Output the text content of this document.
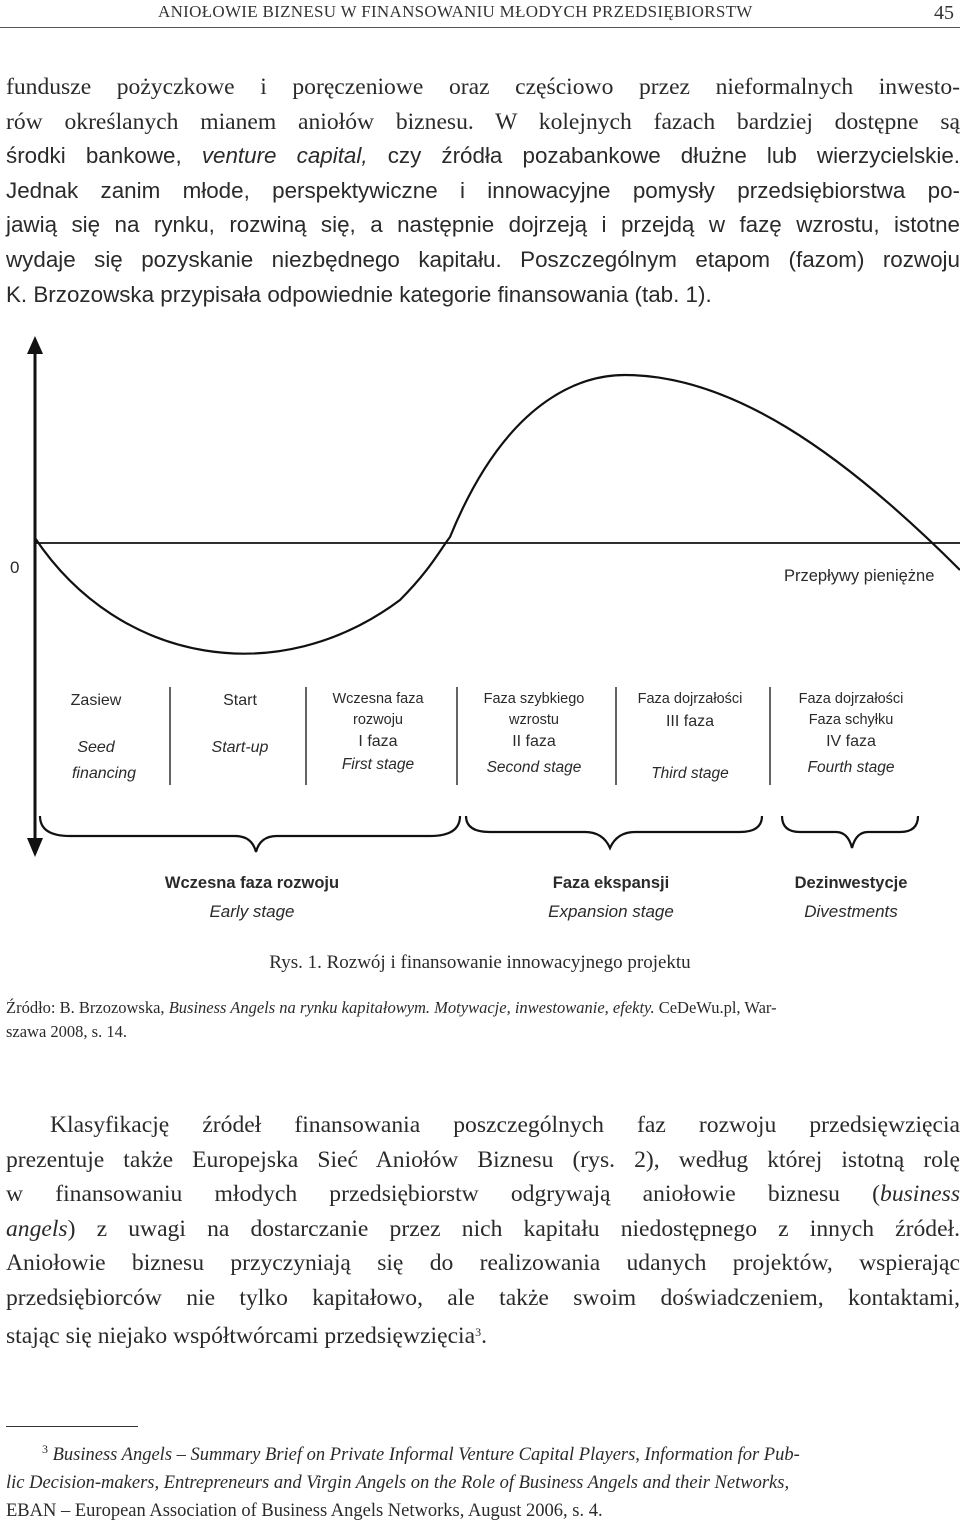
ANIOŁOWIE BIZNESU W FINANSOWANIU MŁODYCH PRZEDSIĘBIORSTW	45
fundusze pożyczkowe i poręczeniowe oraz częściowo przez nieformalnych inwesto-
rów określanych mianem aniołów biznesu. W kolejnych fazach bardziej dostępne są
środki bankowe, venture capital, czy źródła pozabankowe dłużne lub wierzycielskie.
Jednak zanim młode, perspektywiczne i innowacyjne pomysły przedsiębiorstwa po-
jawią się na rynku, rozwiną się, a następnie dojrzeją i przejdą w fazę wzrostu, istotne
wydaje się pozyskanie niezbędnego kapitału. Poszczególnym etapom (fazom) rozwoju
K. Brzozowska przypisała odpowiednie kategorie finansowania (tab. 1).
0	Przepływy pieniężne
Zasiew
Seed
financing
Start
Start-up
Wczesna faza
rozwoju
I faza
First stage
Faza szybkiego
wzrostu
II faza
Second stage
Faza dojrzałości
III faza
Third stage
Faza dojrzałości
Faza schyłku
IV faza
Fourth stage
Wczesna faza rozwoju
Early stage
Faza ekspansji
Expansion stage
Dezinwestycje
Divestments
Rys. 1. Rozwój i finansowanie innowacyjnego projektu
Źródło: B. Brzozowska, Business Angels na rynku kapitałowym. Motywacje, inwestowanie, efekty. CeDeWu.pl, War-
szawa 2008, s. 14.
Klasyfikację źródeł finansowania poszczególnych faz rozwoju przedsięwzięcia
prezentuje także Europejska Sieć Aniołów Biznesu (rys. 2), według której istotną rolę
w finansowaniu młodych przedsiębiorstw odgrywają aniołowie biznesu (business
angels) z uwagi na dostarczanie przez nich kapitału niedostępnego z innych źródeł.
Aniołowie biznesu przyczyniają się do realizowania udanych projektów, wspierając
przedsiębiorców nie tylko kapitałowo, ale także swoim doświadczeniem, kontaktami,
stając się niejako współtwórcami przedsięwzięcia$^3$.
$^3$ Business Angels – Summary Brief on Private Informal Venture Capital Players, Information for Pub-
lic Decision-makers, Entrepreneurs and Virgin Angels on the Role of Business Angels and their Networks,
EBAN – European Association of Business Angels Networks, August 2006, s. 4.
